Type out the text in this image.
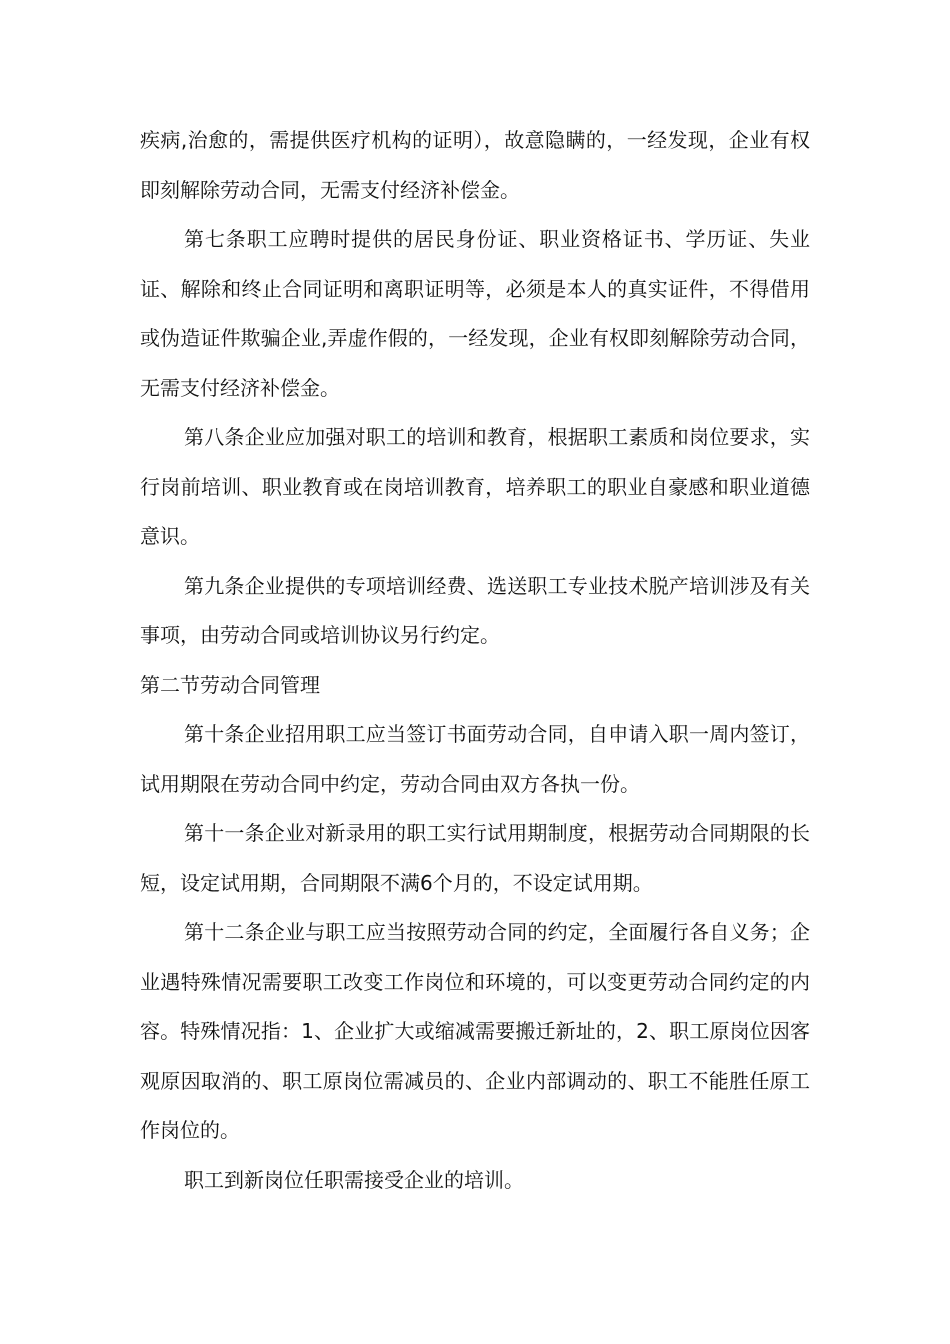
疾病,治愈的，需提供医疗机构的证明），故意隐瞒的，一经发现，企业有权即刻解除劳动合同，无需支付经济补偿金。

第七条职工应聘时提供的居民身份证、职业资格证书、学历证、失业证、解除和终止合同证明和离职证明等，必须是本人的真实证件，不得借用或伪造证件欺骗企业,弄虚作假的，一经发现，企业有权即刻解除劳动合同，无需支付经济补偿金。

第八条企业应加强对职工的培训和教育，根据职工素质和岗位要求，实行岗前培训、职业教育或在岗培训教育，培养职工的职业自豪感和职业道德意识。

第九条企业提供的专项培训经费、选送职工专业技术脱产培训涉及有关事项，由劳动合同或培训协议另行约定。

第二节劳动合同管理

第十条企业招用职工应当签订书面劳动合同，自申请入职一周内签订，试用期限在劳动合同中约定，劳动合同由双方各执一份。

第十一条企业对新录用的职工实行试用期制度，根据劳动合同期限的长短，设定试用期，合同期限不满6个月的，不设定试用期。

第十二条企业与职工应当按照劳动合同的约定，全面履行各自义务；企业遇特殊情况需要职工改变工作岗位和环境的，可以变更劳动合同约定的内容。特殊情况指：1、企业扩大或缩减需要搬迁新址的，2、职工原岗位因客观原因取消的、职工原岗位需减员的、企业内部调动的、职工不能胜任原工作岗位的。

职工到新岗位任职需接受企业的培训。
